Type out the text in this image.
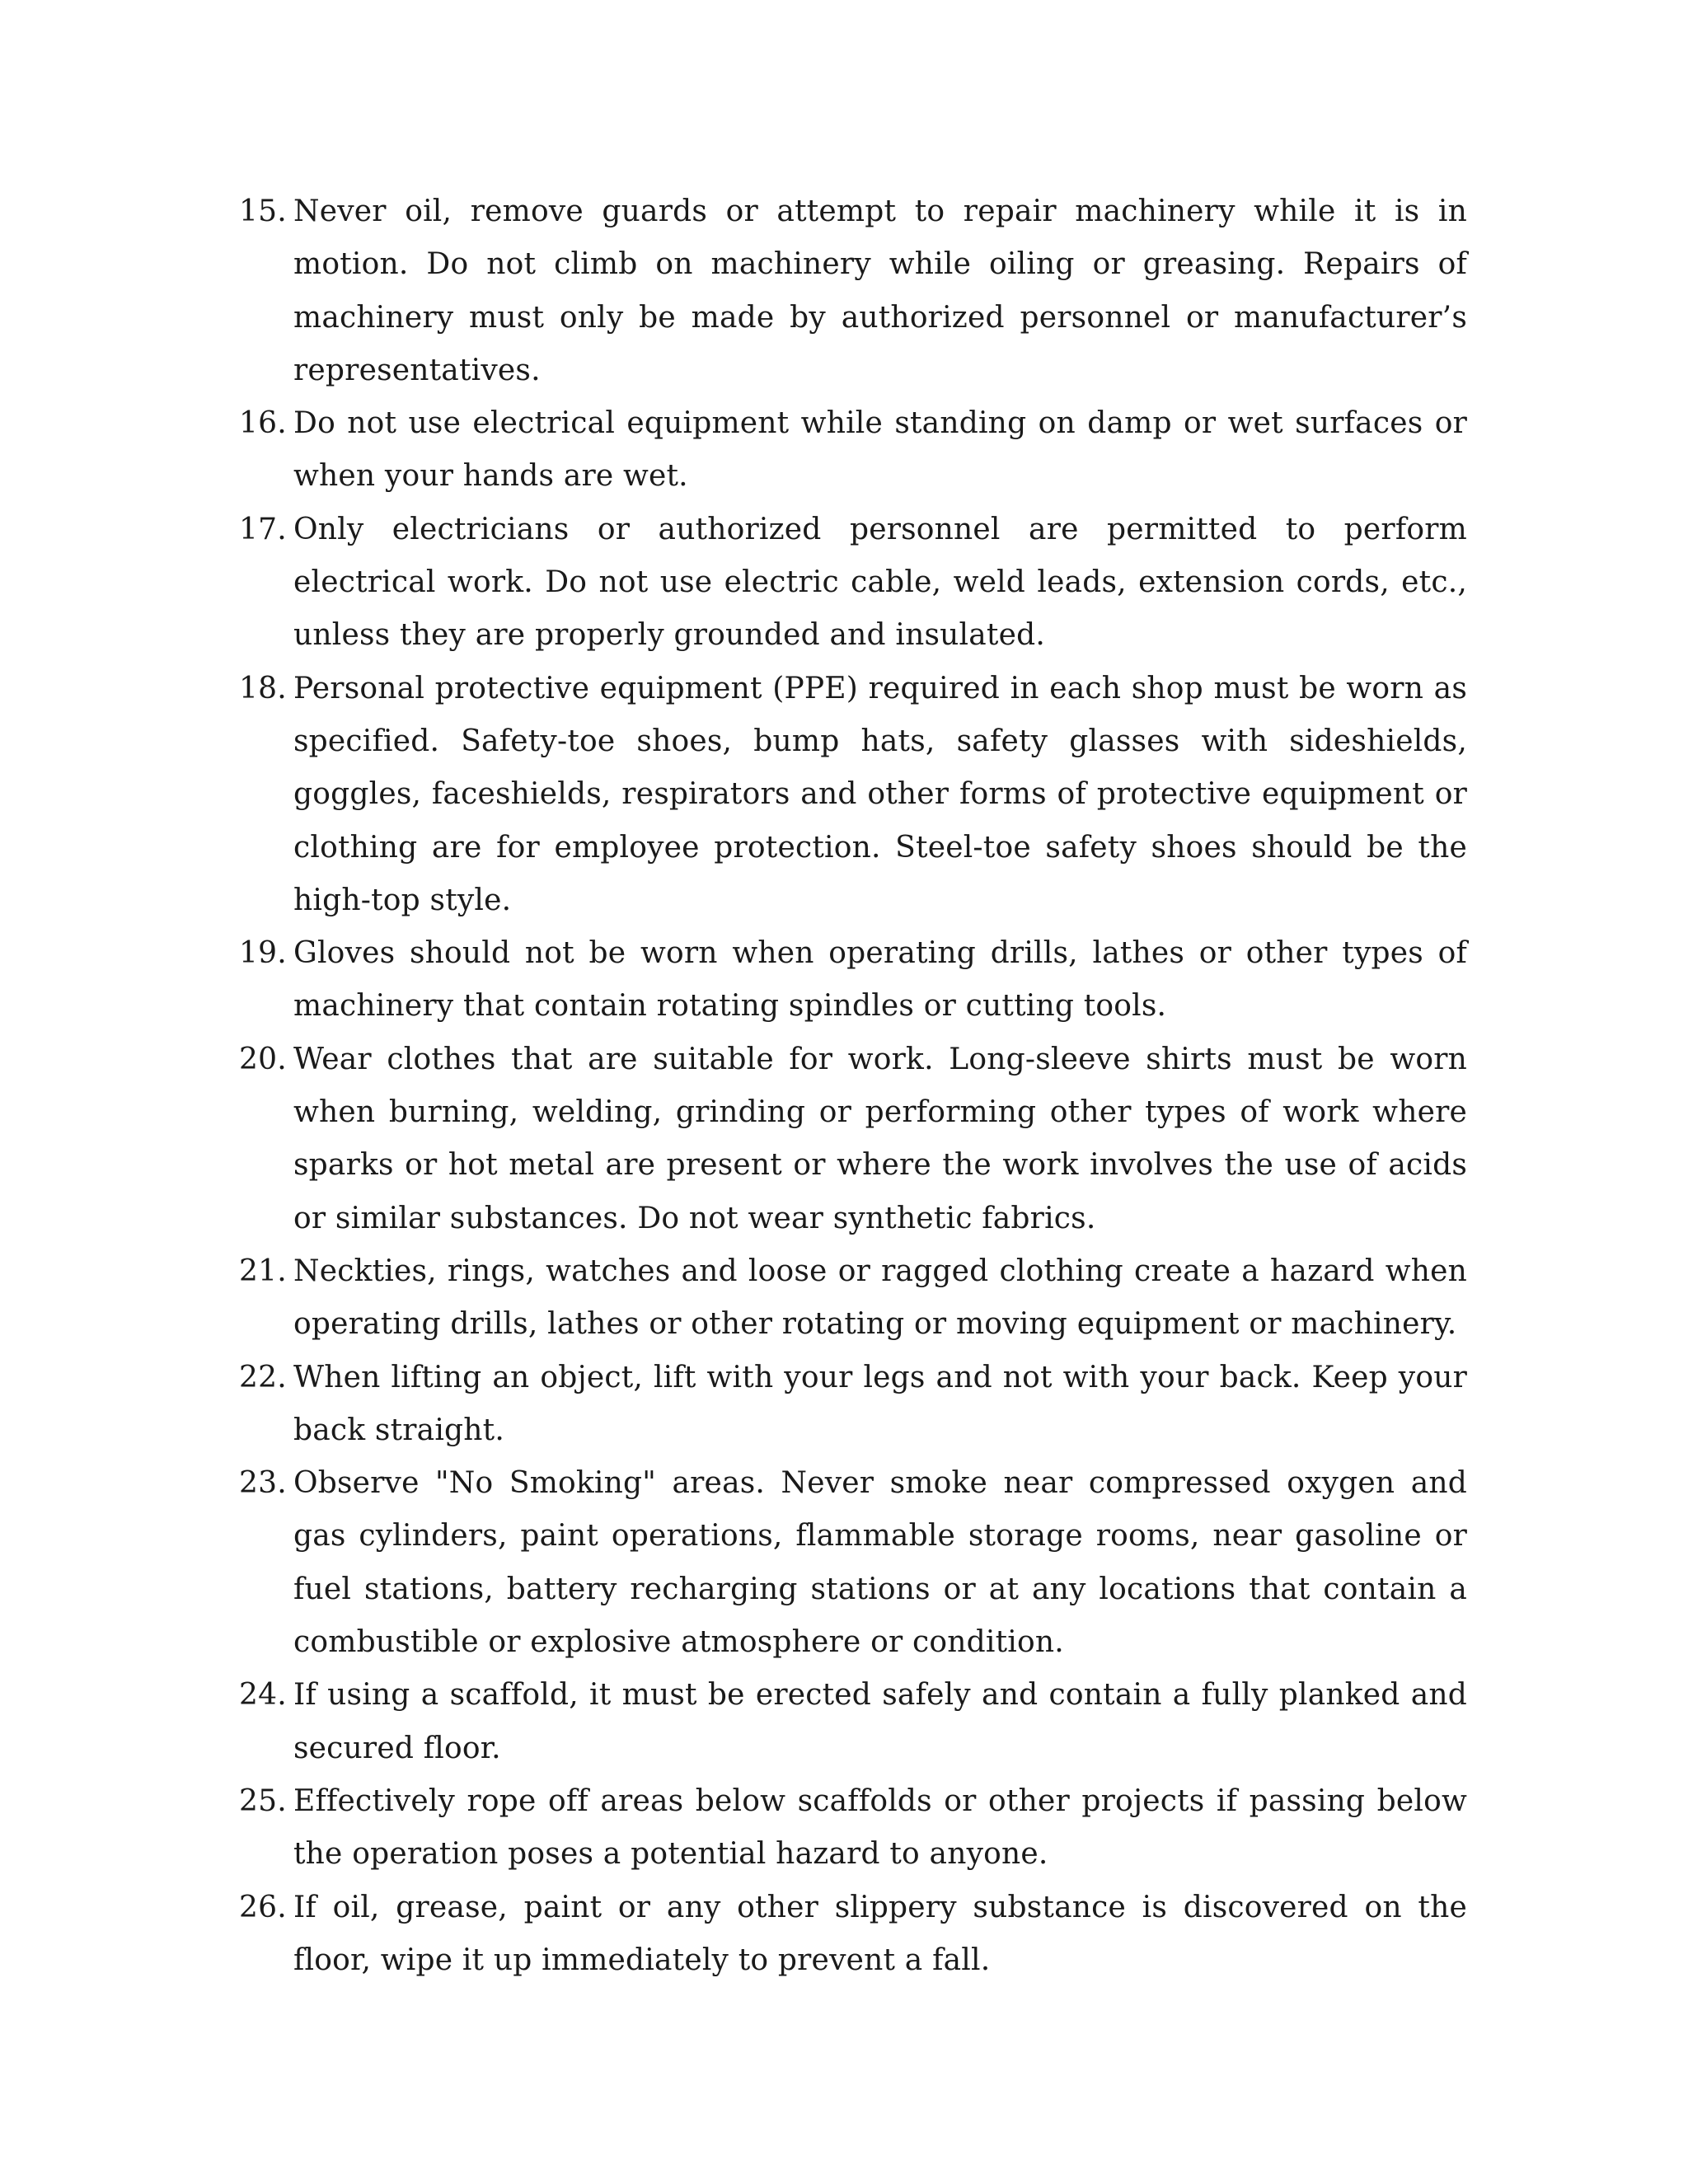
15. Never oil, remove guards or attempt to repair machinery while it is in motion. Do not climb on machinery while oiling or greasing. Repairs of machinery must only be made by authorized personnel or manufacturer’s representatives.
16. Do not use electrical equipment while standing on damp or wet surfaces or when your hands are wet.
17. Only electricians or authorized personnel are permitted to perform electrical work. Do not use electric cable, weld leads, extension cords, etc., unless they are properly grounded and insulated.
18. Personal protective equipment (PPE) required in each shop must be worn as specified. Safety-toe shoes, bump hats, safety glasses with sideshields, goggles, faceshields, respirators and other forms of protective equipment or clothing are for employee protection. Steel-toe safety shoes should be the high-top style.
19. Gloves should not be worn when operating drills, lathes or other types of machinery that contain rotating spindles or cutting tools.
20. Wear clothes that are suitable for work. Long-sleeve shirts must be worn when burning, welding, grinding or performing other types of work where sparks or hot metal are present or where the work involves the use of acids or similar substances. Do not wear synthetic fabrics.
21. Neckties, rings, watches and loose or ragged clothing create a hazard when operating drills, lathes or other rotating or moving equipment or machinery.
22. When lifting an object, lift with your legs and not with your back. Keep your back straight.
23. Observe "No Smoking" areas. Never smoke near compressed oxygen and gas cylinders, paint operations, flammable storage rooms, near gasoline or fuel stations, battery recharging stations or at any locations that contain a combustible or explosive atmosphere or condition.
24. If using a scaffold, it must be erected safely and contain a fully planked and secured floor.
25. Effectively rope off areas below scaffolds or other projects if passing below the operation poses a potential hazard to anyone.
26. If oil, grease, paint or any other slippery substance is discovered on the floor, wipe it up immediately to prevent a fall.
